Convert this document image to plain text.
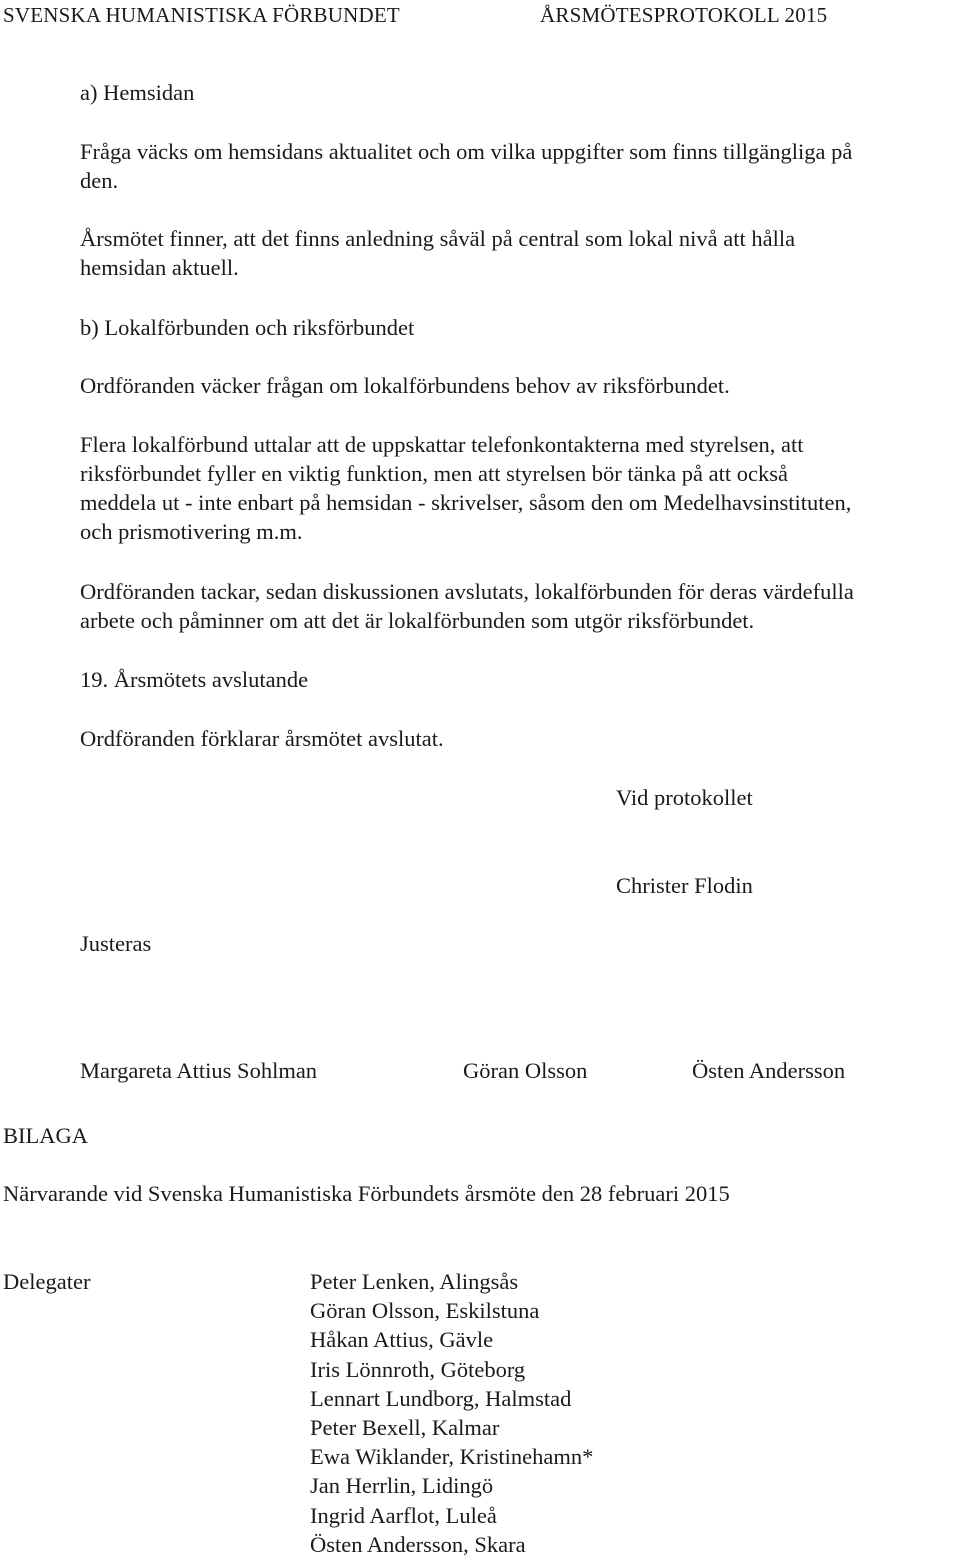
SVENSKA HUMANISTISKA FÖRBUNDET	ÅRSMÖTESPROTOKOLL 2015
a) Hemsidan
Fråga väcks om hemsidans aktualitet och om vilka uppgifter som finns tillgängliga på
den.
Årsmötet finner, att det finns anledning såväl på central som lokal nivå att hålla
hemsidan aktuell.
b) Lokalförbunden och riksförbundet
Ordföranden väcker frågan om lokalförbundens behov av riksförbundet.
Flera lokalförbund uttalar att de uppskattar telefonkontakterna med styrelsen, att
riksförbundet fyller en viktig funktion, men att styrelsen bör tänka på att också
meddela ut - inte enbart på hemsidan - skrivelser, såsom den om Medelhavsinstituten,
och prismotivering m.m.
Ordföranden tackar, sedan diskussionen avslutats, lokalförbunden för deras värdefulla
arbete och påminner om att det är lokalförbunden som utgör riksförbundet.
19. Årsmötets avslutande
Ordföranden förklarar årsmötet avslutat.
Vid protokollet
Christer Flodin
Justeras
Margareta Attius Sohlman	Göran Olsson	Östen Andersson
BILAGA
Närvarande vid Svenska Humanistiska Förbundets årsmöte den 28 februari 2015
Delegater	Peter Lenken, Alingsås
Göran Olsson, Eskilstuna
Håkan Attius, Gävle
Iris Lönnroth, Göteborg
Lennart Lundborg, Halmstad
Peter Bexell, Kalmar
Ewa Wiklander, Kristinehamn*
Jan Herrlin, Lidingö
Ingrid Aarflot, Luleå
Östen Andersson, Skara
